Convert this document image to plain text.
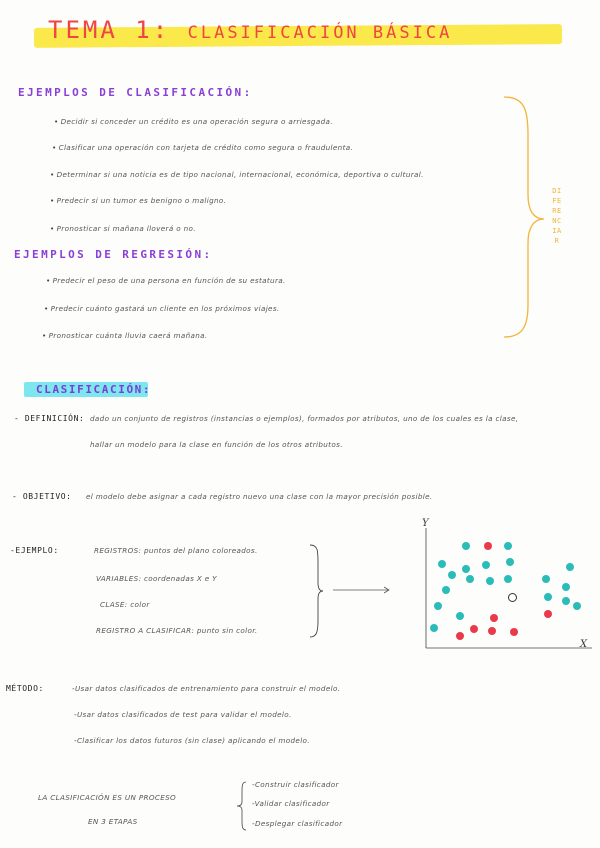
TEMA 1: CLASIFICACIÓN BÁSICA
EJEMPLOS DE CLASIFICACIÓN:
• Decidir si conceder un crédito es una operación segura o arriesgada.
• Clasificar una operación con tarjeta de crédito como segura o fraudulenta.
• Determinar si una noticia es de tipo nacional, internacional, económica, deportiva o cultural.
• Predecir si un tumor es benigno o maligno.
• Pronosticar si mañana lloverá o no.
EJEMPLOS DE REGRESIÓN:
• Predecir el peso de una persona en función de su estatura.
• Predecir cuánto gastará un cliente en los próximos viajes.
• Pronosticar cuánta lluvia caerá mañana.
DIFERENCIAR
CLASIFICACIÓN:
- DEFINICIÓN: dado un conjunto de registros (instancias o ejemplos), formados por atributos, uno de los cuales es la clase,
hallar un modelo para la clase en función de los otros atributos.
- OBJETIVO: el modelo debe asignar a cada registro nuevo una clase con la mayor precisión posible.
-EJEMPLO:	REGISTROS: puntos del plano coloreados.
VARIABLES: coordenadas X e Y
CLASE: color
REGISTRO A CLASIFICAR: punto sin color.
Y
X
MÉTODO:	-Usar datos clasificados de entrenamiento para construir el modelo.
-Usar datos clasificados de test para validar el modelo.
-Clasificar los datos futuros (sin clase) aplicando el modelo.
LA CLASIFICACIÓN ES UN PROCESO
EN 3 ETAPAS
-Construir clasificador
-Validar clasificador
-Desplegar clasificador
